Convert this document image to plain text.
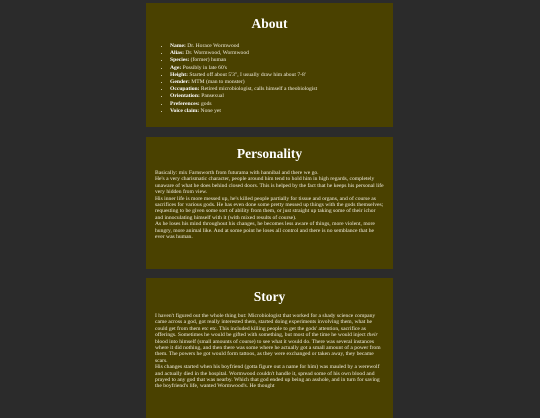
About
• Name: Dr. Horace Wormwood
• Alias: Dr. Wormwood, Wormwood
• Species: (former) human
• Age: Possibly in late 60's
• Height: Started off about 5'3", I usually draw him about 7-8'
• Gender: MTM (man to monster)
• Occupation: Retired microbiologist, calls himself a theobiologist
• Orientation: Pansexual
• Preferences: gods
• Voice claim: None yet
Personality

Basically: mix Farnsworth from futurama with hannibal and there we go.

He's a very charismatic character, people around him tend to hold him in high regards, completely unaware of what he does behind closed doors. This is helped by the fact that he keeps his personal life very hidden from view.

His inner life is more messed up, he's killed people partially for tissue and organs, and of course as sacrifices for various gods. He has even done some pretty messed up things with the gods themselves; requesting to be given some sort of ability from them, or just straight up taking some of their ichor and innoculating himself with it (with mixed results of course).

As he loses his mind throughout his changes, he becomes less aware of things, more violent, more hungry, more animal like. And at some point he loses all control and there is no semblance that he ever was human.

Story

I haven't figured out the whole thing but: Microbiologist that worked for a shady science company came across a god, got really interested them, started doing experiments involving them, what he could get from them etc etc. This included killing people to get the gods' attention, sacrifice as offerings. Sometimes he would be gifted with something, but most of the time he would inject their blood into himself (small amounts of course) to see what it would do. There was several instances where it did nothing, and then there was some where he actually got a small amount of a power from them. The powers he got would form tattoos, as they were exchanged or taken away, they became scars.

His changes started when his boyfriend (gotta figure out a name for him) was mauled by a werewolf and actually died in the hospital. Wormwood couldn't handle it, spread some of his own blood and prayed to any god that was nearby. Which that god ended up being an asshole, and in turn for saving the boyfriend's life, wanted Wormwood's. He thought
